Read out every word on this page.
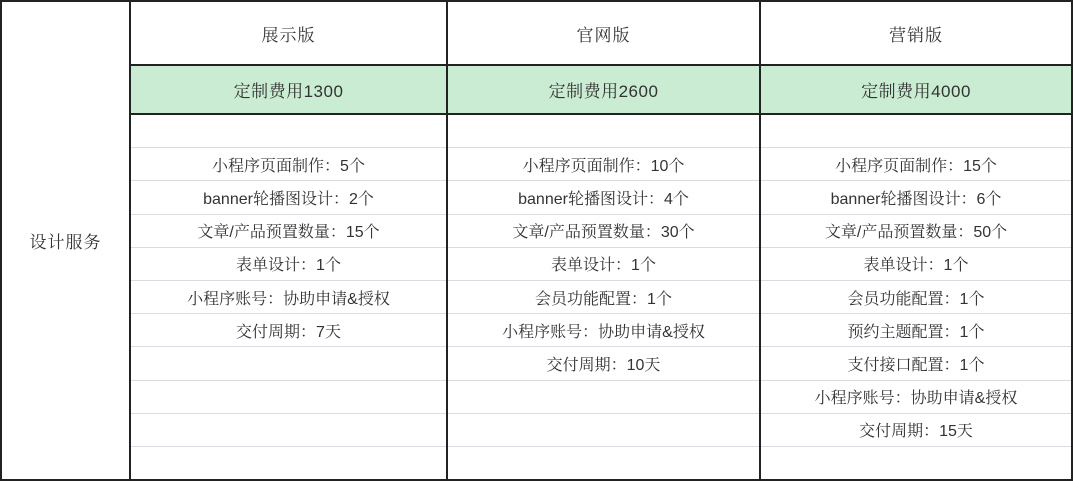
设计服务
展示版
定制费用1300
小程序页面制作：5个
banner轮播图设计：2个
文章/产品预置数量：15个
表单设计：1个
小程序账号：协助申请&授权
交付周期：7天
官网版
定制费用2600
小程序页面制作：10个
banner轮播图设计：4个
文章/产品预置数量：30个
表单设计：1个
会员功能配置：1个
小程序账号：协助申请&授权
交付周期：10天
营销版
定制费用4000
小程序页面制作：15个
banner轮播图设计：6个
文章/产品预置数量：50个
表单设计：1个
会员功能配置：1个
预约主题配置：1个
支付接口配置：1个
小程序账号：协助申请&授权
交付周期：15天
